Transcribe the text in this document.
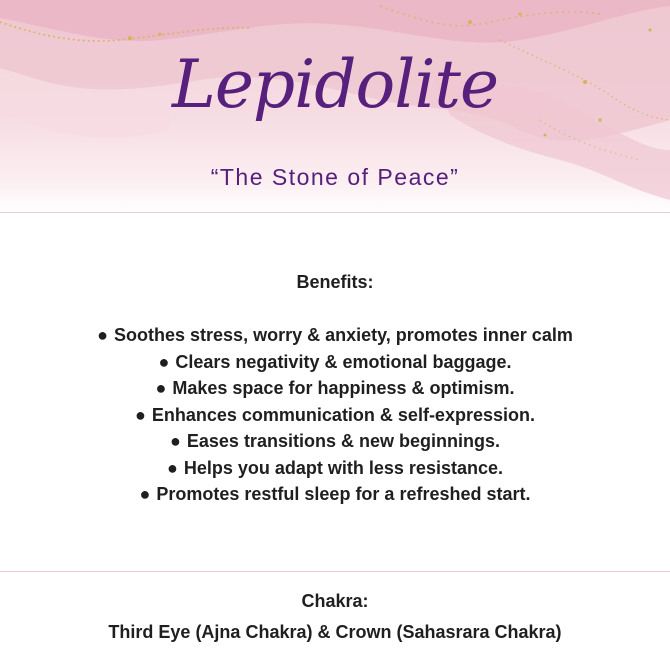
Lepidolite
“The Stone of Peace”
Benefits:
● Soothes stress, worry & anxiety, promotes inner calm
● Clears negativity & emotional baggage.
● Makes space for happiness & optimism.
● Enhances communication & self-expression.
● Eases transitions & new beginnings.
● Helps you adapt with less resistance.
● Promotes restful sleep for a refreshed start.
Chakra:
Third Eye (Ajna Chakra) & Crown (Sahasrara Chakra)
